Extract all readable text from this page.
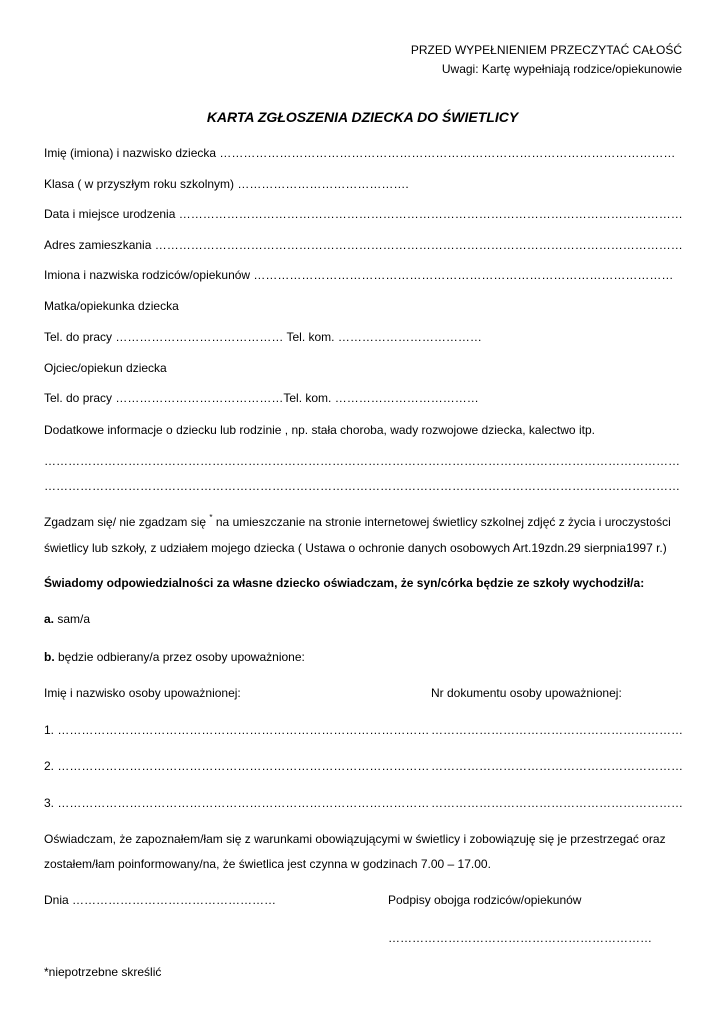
PRZED WYPEŁNIENIEM PRZECZYTAĆ CAŁOŚĆ
Uwagi: Kartę wypełniają rodzice/opiekunowie
KARTA ZGŁOSZENIA DZIECKA DO ŚWIETLICY
Imię (imiona) i nazwisko dziecka ……………………………………………………………………………………………………
Klasa ( w przyszłym roku szkolnym) …………………………………….
Data i miejsce urodzenia ………………………………………………………………………………………………………………
Adres zamieszkania ……………………………………………………………………………………………………………………
Imiona i nazwiska rodziców/opiekunów ……………………………………………………………………………………………
Matka/opiekunka dziecka
Tel. do pracy …………………………………… Tel. kom. ………………………………
Ojciec/opiekun dziecka
Tel. do pracy ……………………………………Tel. kom. ………………………………
Dodatkowe informacje o dziecku lub rodzinie , np. stała choroba, wady rozwojowe dziecka, kalectwo itp.
……………………………………………………………………………………………………………………………………………
……………………………………………………………………………………………………………………………………………
Zgadzam się/ nie zgadzam się * na umieszczanie na stronie internetowej świetlicy szkolnej zdjęć z życia i uroczystości
świetlicy lub szkoły, z udziałem mojego dziecka ( Ustawa o ochronie danych osobowych Art.19zdn.29 sierpnia1997 r.)
Świadomy odpowiedzialności za własne dziecko oświadczam, że syn/córka będzie ze szkoły wychodził/a:
a. sam/a
b. będzie odbierany/a przez osoby upoważnione:
Imię i nazwisko osoby upoważnionej:	Nr dokumentu osoby upoważnionej:
1. ………………………………………………………………………………… ………………………………………………………
2. ………………………………………………………………………………… ………………………………………………………
3. ………………………………………………………………………………… ………………………………………………………
Oświadczam, że zapoznałem/łam się z warunkami obowiązującymi w świetlicy i zobowiązuję się je przestrzegać oraz
zostałem/łam poinformowany/na, że świetlica jest czynna w godzinach 7.00 – 17.00.
Dnia ……………………………………………	Podpisy obojga rodziców/opiekunów
…………………………………………………………
*niepotrzebne skreślić
